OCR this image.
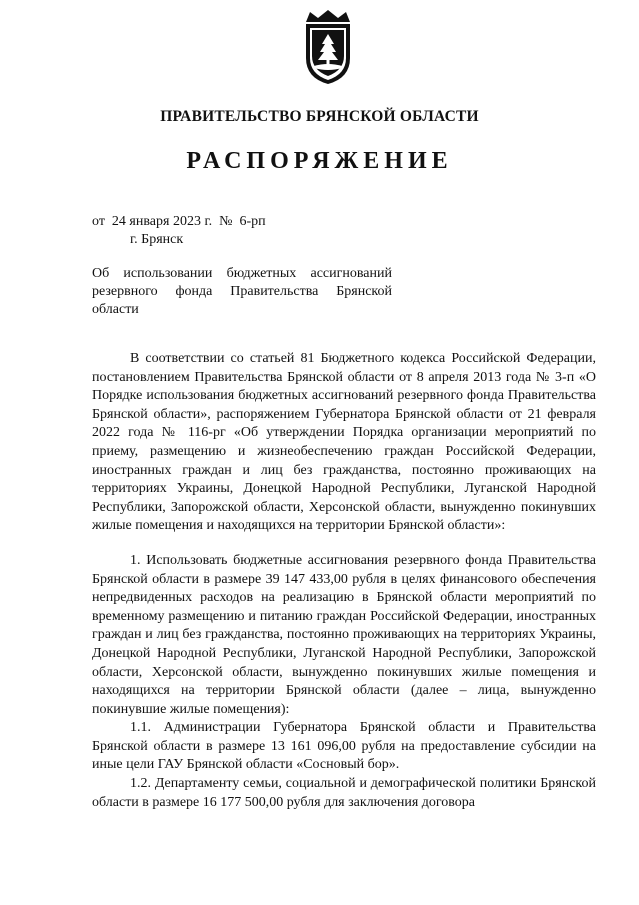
ПРАВИТЕЛЬСТВО БРЯНСКОЙ ОБЛАСТИ
РАСПОРЯЖЕНИЕ
от  24 января 2023 г.  №  6-рп
г. Брянск
Об использовании бюджетных ассигнований резервного фонда Правительства Брянской области

В соответствии со статьей 81 Бюджетного кодекса Российской Федерации, постановлением Правительства Брянской области от 8 апреля 2013 года № 3-п «О Порядке использования бюджетных ассигнований резервного фонда Правительства Брянской области», распоряжением Губернатора Брянской области от 21 февраля 2022 года № 116-рг «Об утверждении Порядка организации мероприятий по приему, размещению и жизнеобеспечению граждан Российской Федерации, иностранных граждан и лиц без гражданства, постоянно проживающих на территориях Украины, Донецкой Народной Республики, Луганской Народной Республики, Запорожской области, Херсонской области, вынужденно покинувших жилые помещения и находящихся на территории Брянской области»:

1. Использовать бюджетные ассигнования резервного фонда Правительства Брянской области в размере 39 147 433,00 рубля в целях финансового обеспечения непредвиденных расходов на реализацию в Брянской области мероприятий по временному размещению и питанию граждан Российской Федерации, иностранных граждан и лиц без гражданства, постоянно проживающих на территориях Украины, Донецкой Народной Республики, Луганской Народной Республики, Запорожской области, Херсонской области, вынужденно покинувших жилые помещения и находящихся на территории Брянской области (далее – лица, вынужденно покинувшие жилые помещения):

1.1. Администрации Губернатора Брянской области и Правительства Брянской области в размере 13 161 096,00 рубля на предоставление субсидии на иные цели ГАУ Брянской области «Сосновый бор».

1.2. Департаменту семьи, социальной и демографической политики Брянской области в размере 16 177 500,00 рубля для заключения договора
